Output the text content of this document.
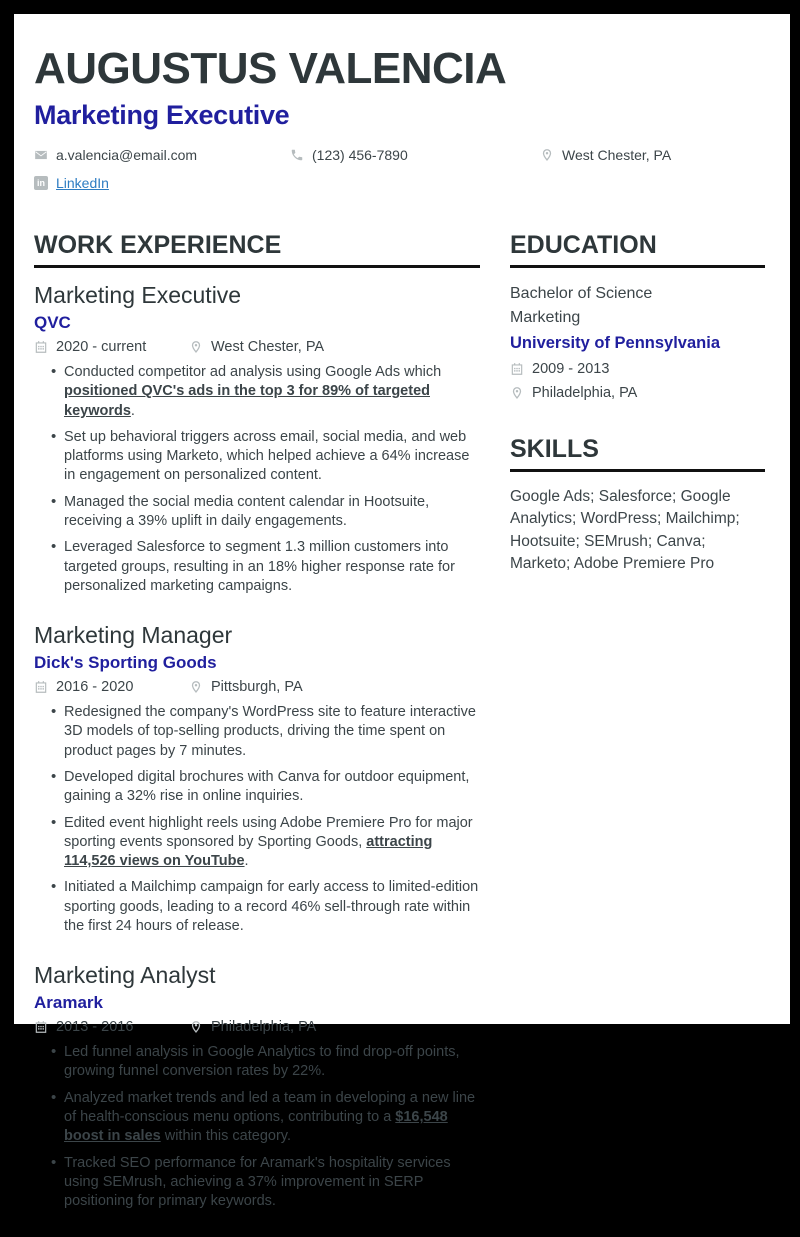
AUGUSTUS VALENCIA
Marketing Executive
a.valencia@email.com	(123) 456-7890	West Chester, PA
in LinkedIn
WORK EXPERIENCE
Marketing Executive
QVC
2020 - current	West Chester, PA
• Conducted competitor ad analysis using Google Ads which positioned QVC's ads in the top 3 for 89% of targeted keywords.
• Set up behavioral triggers across email, social media, and web platforms using Marketo, which helped achieve a 64% increase in engagement on personalized content.
• Managed the social media content calendar in Hootsuite, receiving a 39% uplift in daily engagements.
• Leveraged Salesforce to segment 1.3 million customers into targeted groups, resulting in an 18% higher response rate for personalized marketing campaigns.
Marketing Manager
Dick's Sporting Goods
2016 - 2020	Pittsburgh, PA
• Redesigned the company's WordPress site to feature interactive 3D models of top-selling products, driving the time spent on product pages by 7 minutes.
• Developed digital brochures with Canva for outdoor equipment, gaining a 32% rise in online inquiries.
• Edited event highlight reels using Adobe Premiere Pro for major sporting events sponsored by Sporting Goods, attracting 114,526 views on YouTube.
• Initiated a Mailchimp campaign for early access to limited-edition sporting goods, leading to a record 46% sell-through rate within the first 24 hours of release.
Marketing Analyst
Aramark
2013 - 2016	Philadelphia, PA
• Led funnel analysis in Google Analytics to find drop-off points, growing funnel conversion rates by 22%.
• Analyzed market trends and led a team in developing a new line of health-conscious menu options, contributing to a $16,548 boost in sales within this category.
• Tracked SEO performance for Aramark's hospitality services using SEMrush, achieving a 37% improvement in SERP positioning for primary keywords.
EDUCATION
Bachelor of Science
Marketing
University of Pennsylvania
2009 - 2013
Philadelphia, PA
SKILLS

Google Ads; Salesforce; Google Analytics; WordPress; Mailchimp; Hootsuite; SEMrush; Canva; Marketo; Adobe Premiere Pro
